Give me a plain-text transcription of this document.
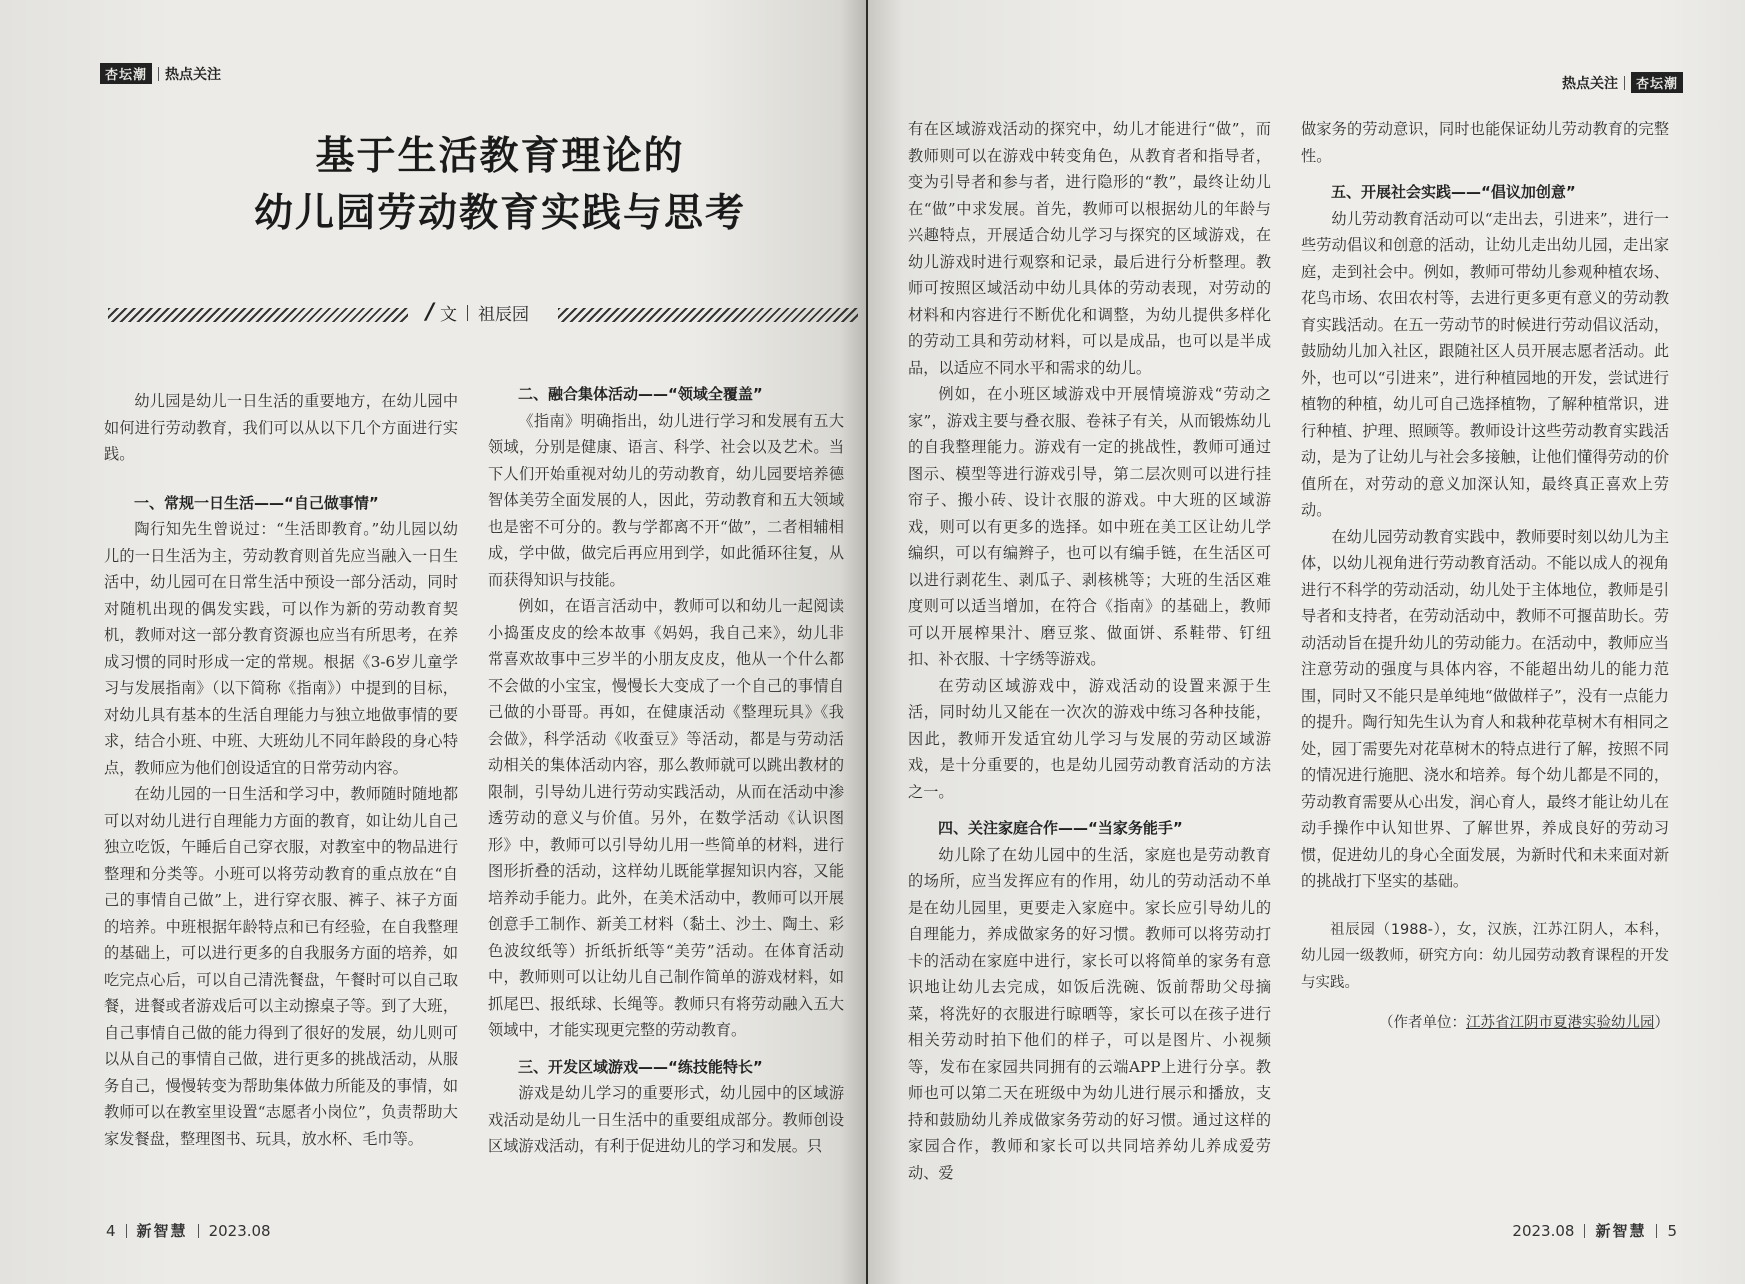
杏坛潮	热点关注
基于生活教育理论的
幼儿园劳动教育实践与思考
/ 文 祖辰园

幼儿园是幼儿一日生活的重要地方，在幼儿园中如何进行劳动教育，我们可以从以下几个方面进行实践。

一、常规一日生活——“自己做事情”

陶行知先生曾说过：“生活即教育。”幼儿园以幼儿的一日生活为主，劳动教育则首先应当融入一日生活中，幼儿园可在日常生活中预设一部分活动，同时对随机出现的偶发实践，可以作为新的劳动教育契机，教师对这一部分教育资源也应当有所思考，在养成习惯的同时形成一定的常规。根据《3-6岁儿童学习与发展指南》（以下简称《指南》）中提到的目标，对幼儿具有基本的生活自理能力与独立地做事情的要求，结合小班、中班、大班幼儿不同年龄段的身心特点，教师应为他们创设适宜的日常劳动内容。

在幼儿园的一日生活和学习中，教师随时随地都可以对幼儿进行自理能力方面的教育，如让幼儿自己独立吃饭，午睡后自己穿衣服，对教室中的物品进行整理和分类等。小班可以将劳动教育的重点放在“自己的事情自己做”上，进行穿衣服、裤子、袜子方面的培养。中班根据年龄特点和已有经验，在自我整理的基础上，可以进行更多的自我服务方面的培养，如吃完点心后，可以自己清洗餐盘，午餐时可以自己取餐，进餐或者游戏后可以主动擦桌子等。到了大班，自己事情自己做的能力得到了很好的发展，幼儿则可以从自己的事情自己做，进行更多的挑战活动，从服务自己，慢慢转变为帮助集体做力所能及的事情，如教师可以在教室里设置“志愿者小岗位”，负责帮助大家发餐盘，整理图书、玩具，放水杯、毛巾等。

二、融合集体活动——“领域全覆盖”

《指南》明确指出，幼儿进行学习和发展有五大领域，分别是健康、语言、科学、社会以及艺术。当下人们开始重视对幼儿的劳动教育，幼儿园要培养德智体美劳全面发展的人，因此，劳动教育和五大领域也是密不可分的。教与学都离不开“做”，二者相辅相成，学中做，做完后再应用到学，如此循环往复，从而获得知识与技能。

例如，在语言活动中，教师可以和幼儿一起阅读小捣蛋皮皮的绘本故事《妈妈，我自己来》，幼儿非常喜欢故事中三岁半的小朋友皮皮，他从一个什么都不会做的小宝宝，慢慢长大变成了一个自己的事情自己做的小哥哥。再如，在健康活动《整理玩具》《我会做》，科学活动《收蚕豆》等活动，都是与劳动活动相关的集体活动内容，那么教师就可以跳出教材的限制，引导幼儿进行劳动实践活动，从而在活动中渗透劳动的意义与价值。另外，在数学活动《认识图形》中，教师可以引导幼儿用一些简单的材料，进行图形折叠的活动，这样幼儿既能掌握知识内容，又能培养动手能力。此外，在美术活动中，教师可以开展创意手工制作、新美工材料（黏土、沙土、陶土、彩色波纹纸等）折纸折纸等“美劳”活动。在体育活动中，教师则可以让幼儿自己制作简单的游戏材料，如抓尾巴、报纸球、长绳等。教师只有将劳动融入五大领域中，才能实现更完整的劳动教育。

三、开发区域游戏——“练技能特长”

游戏是幼儿学习的重要形式，幼儿园中的区域游戏活动是幼儿一日生活中的重要组成部分。教师创设区域游戏活动，有利于促进幼儿的学习和发展。只

4 新智慧 2023.08
热点关注	杏坛潮

有在区域游戏活动的探究中，幼儿才能进行“做”，而教师则可以在游戏中转变角色，从教育者和指导者，变为引导者和参与者，进行隐形的“教”，最终让幼儿在“做”中求发展。首先，教师可以根据幼儿的年龄与兴趣特点，开展适合幼儿学习与探究的区域游戏，在幼儿游戏时进行观察和记录，最后进行分析整理。教师可按照区域活动中幼儿具体的劳动表现，对劳动的材料和内容进行不断优化和调整，为幼儿提供多样化的劳动工具和劳动材料，可以是成品，也可以是半成品，以适应不同水平和需求的幼儿。

例如，在小班区域游戏中开展情境游戏“劳动之家”，游戏主要与叠衣服、卷袜子有关，从而锻炼幼儿的自我整理能力。游戏有一定的挑战性，教师可通过图示、模型等进行游戏引导，第二层次则可以进行挂帘子、搬小砖、设计衣服的游戏。中大班的区域游戏，则可以有更多的选择。如中班在美工区让幼儿学编织，可以有编辫子，也可以有编手链，在生活区可以进行剥花生、剥瓜子、剥核桃等；大班的生活区难度则可以适当增加，在符合《指南》的基础上，教师可以开展榨果汁、磨豆浆、做面饼、系鞋带、钉纽扣、补衣服、十字绣等游戏。

在劳动区域游戏中，游戏活动的设置来源于生活，同时幼儿又能在一次次的游戏中练习各种技能，因此，教师开发适宜幼儿学习与发展的劳动区域游戏，是十分重要的，也是幼儿园劳动教育活动的方法之一。

四、关注家庭合作——“当家务能手”

幼儿除了在幼儿园中的生活，家庭也是劳动教育的场所，应当发挥应有的作用，幼儿的劳动活动不单是在幼儿园里，更要走入家庭中。家长应引导幼儿的自理能力，养成做家务的好习惯。教师可以将劳动打卡的活动在家庭中进行，家长可以将简单的家务有意识地让幼儿去完成，如饭后洗碗、饭前帮助父母摘菜，将洗好的衣服进行晾晒等，家长可以在孩子进行相关劳动时拍下他们的样子，可以是图片、小视频等，发布在家园共同拥有的云端APP上进行分享。教师也可以第二天在班级中为幼儿进行展示和播放，支持和鼓励幼儿养成做家务劳动的好习惯。通过这样的家园合作，教师和家长可以共同培养幼儿养成爱劳动、爱

做家务的劳动意识，同时也能保证幼儿劳动教育的完整性。

五、开展社会实践——“倡议加创意”

幼儿劳动教育活动可以“走出去，引进来”，进行一些劳动倡议和创意的活动，让幼儿走出幼儿园，走出家庭，走到社会中。例如，教师可带幼儿参观种植农场、花鸟市场、农田农村等，去进行更多更有意义的劳动教育实践活动。在五一劳动节的时候进行劳动倡议活动，鼓励幼儿加入社区，跟随社区人员开展志愿者活动。此外，也可以“引进来”，进行种植园地的开发，尝试进行植物的种植，幼儿可自己选择植物，了解种植常识，进行种植、护理、照顾等。教师设计这些劳动教育实践活动，是为了让幼儿与社会多接触，让他们懂得劳动的价值所在，对劳动的意义加深认知，最终真正喜欢上劳动。

在幼儿园劳动教育实践中，教师要时刻以幼儿为主体，以幼儿视角进行劳动教育活动。不能以成人的视角进行不科学的劳动活动，幼儿处于主体地位，教师是引导者和支持者，在劳动活动中，教师不可揠苗助长。劳动活动旨在提升幼儿的劳动能力。在活动中，教师应当注意劳动的强度与具体内容，不能超出幼儿的能力范围，同时又不能只是单纯地“做做样子”，没有一点能力的提升。陶行知先生认为育人和栽种花草树木有相同之处，园丁需要先对花草树木的特点进行了解，按照不同的情况进行施肥、浇水和培养。每个幼儿都是不同的，劳动教育需要从心出发，润心育人，最终才能让幼儿在动手操作中认知世界、了解世界，养成良好的劳动习惯，促进幼儿的身心全面发展，为新时代和未来面对新的挑战打下坚实的基础。

祖辰园（1988-），女，汉族，江苏江阴人，本科，幼儿园一级教师，研究方向：幼儿园劳动教育课程的开发与实践。

（作者单位：江苏省江阴市夏港实验幼儿园）
2023.08 新智慧 5
